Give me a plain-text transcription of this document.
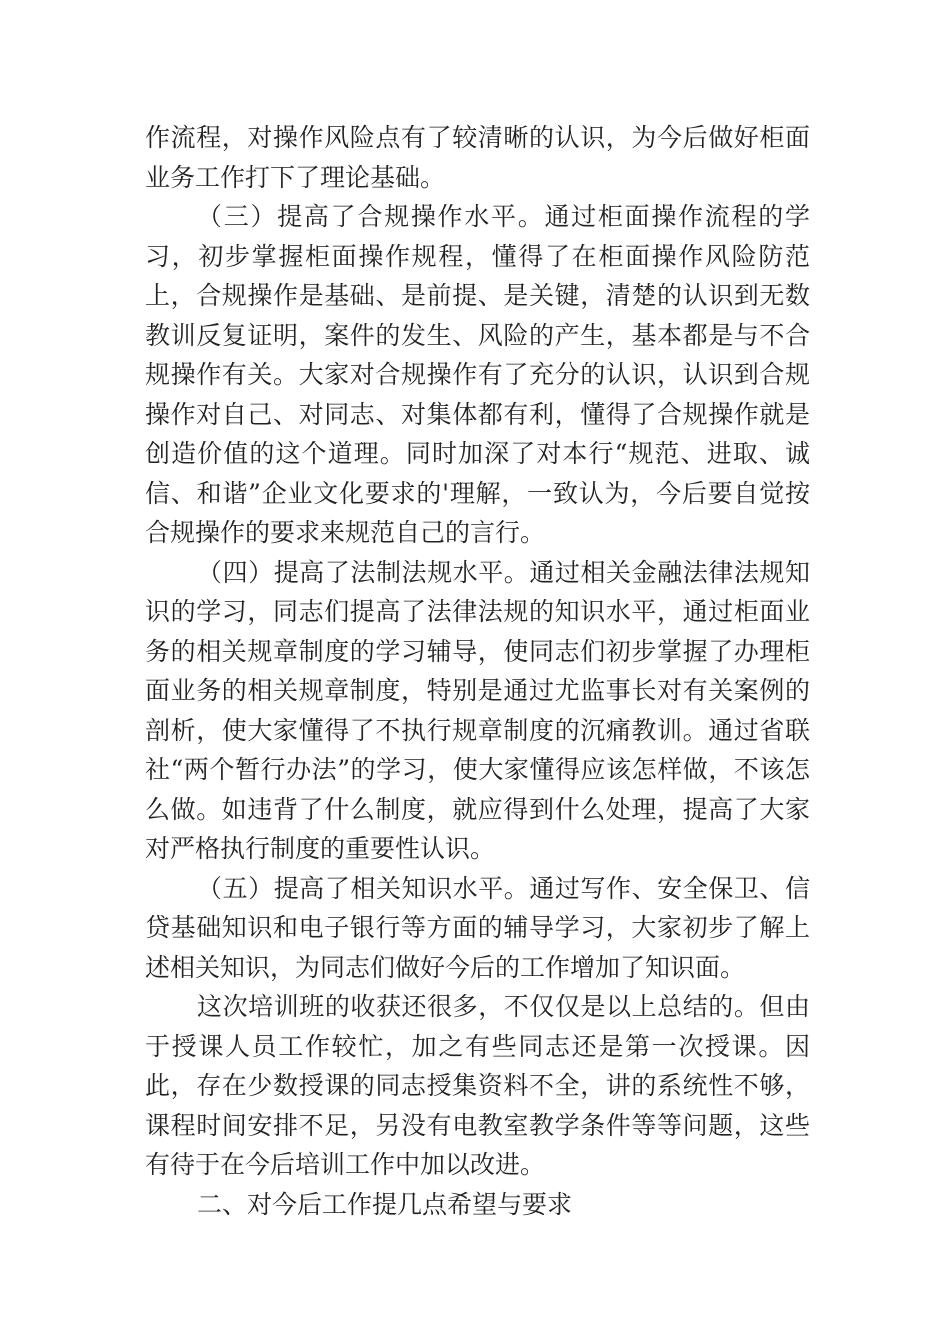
作流程，对操作风险点有了较清晰的认识，为今后做好柜面业务工作打下了理论基础。

（三）提高了合规操作水平。通过柜面操作流程的学习，初步掌握柜面操作规程，懂得了在柜面操作风险防范上，合规操作是基础、是前提、是关键，清楚的认识到无数教训反复证明，案件的发生、风险的产生，基本都是与不合规操作有关。大家对合规操作有了充分的认识，认识到合规操作对自己、对同志、对集体都有利，懂得了合规操作就是创造价值的这个道理。同时加深了对本行“规范、进取、诚信、和谐”企业文化要求的'理解，一致认为，今后要自觉按合规操作的要求来规范自己的言行。

（四）提高了法制法规水平。通过相关金融法律法规知识的学习，同志们提高了法律法规的知识水平，通过柜面业务的相关规章制度的学习辅导，使同志们初步掌握了办理柜面业务的相关规章制度，特别是通过尤监事长对有关案例的剖析，使大家懂得了不执行规章制度的沉痛教训。通过省联社“两个暂行办法”的学习，使大家懂得应该怎样做，不该怎么做。如违背了什么制度，就应得到什么处理，提高了大家对严格执行制度的重要性认识。

（五）提高了相关知识水平。通过写作、安全保卫、信贷基础知识和电子银行等方面的辅导学习，大家初步了解上述相关知识，为同志们做好今后的工作增加了知识面。

这次培训班的收获还很多，不仅仅是以上总结的。但由于授课人员工作较忙，加之有些同志还是第一次授课。因此，存在少数授课的同志授集资料不全，讲的系统性不够，课程时间安排不足，另没有电教室教学条件等等问题，这些有待于在今后培训工作中加以改进。

二、对今后工作提几点希望与要求
